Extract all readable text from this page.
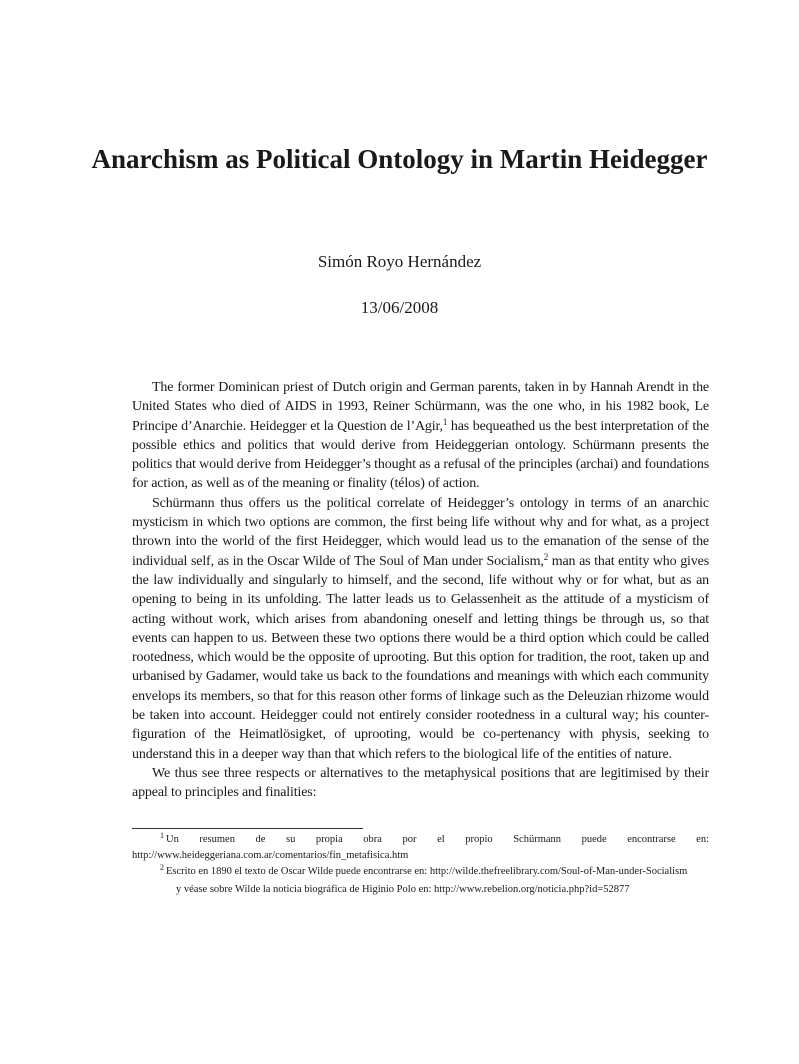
Anarchism as Political Ontology in Martin Heidegger
Simón Royo Hernández
13/06/2008

The former Dominican priest of Dutch origin and German parents, taken in by Hannah Arendt in the United States who died of AIDS in 1993, Reiner Schürmann, was the one who, in his 1982 book, Le Principe d’Anarchie. Heidegger et la Question de l’Agir,$^1$ has bequeathed us the best interpretation of the possible ethics and politics that would derive from Heideggerian ontology. Schürmann presents the politics that would derive from Heidegger’s thought as a refusal of the principles (archai) and foundations for action, as well as of the meaning or finality (télos) of action.

Schürmann thus offers us the political correlate of Heidegger’s ontology in terms of an anarchic mysticism in which two options are common, the first being life without why and for what, as a project thrown into the world of the first Heidegger, which would lead us to the emanation of the sense of the individual self, as in the Oscar Wilde of The Soul of Man under Socialism,$^2$ man as that entity who gives the law individually and singularly to himself, and the second, life without why or for what, but as an opening to being in its unfolding. The latter leads us to Gelassenheit as the attitude of a mysticism of acting without work, which arises from abandoning oneself and letting things be through us, so that events can happen to us. Between these two options there would be a third option which could be called rootedness, which would be the opposite of uprooting. But this option for tradition, the root, taken up and urbanised by Gadamer, would take us back to the foundations and meanings with which each community envelops its members, so that for this reason other forms of linkage such as the Deleuzian rhizome would be taken into account. Heidegger could not entirely consider rootedness in a cultural way; his counter-figuration of the Heimatlösigket, of uprooting, would be co-pertenancy with physis, seeking to understand this in a deeper way than that which refers to the biological life of the entities of nature.

We thus see three respects or alternatives to the metaphysical positions that are legitimised by their appeal to principles and finalities:

$^1$ Un resumen de su propia obra por el propio Schürmann puede encontrarse en: http://www.heideggeriana.com.ar/comentarios/fin_metafisica.htm

$^2$ Escrito en 1890 el texto de Oscar Wilde puede encontrarse en: http://wilde.thefreelibrary.com/Soul-of-Man-under-Socialism

y véase sobre Wilde la noticia biográfica de Higinio Polo en: http://www.rebelion.org/noticia.php?id=52877
